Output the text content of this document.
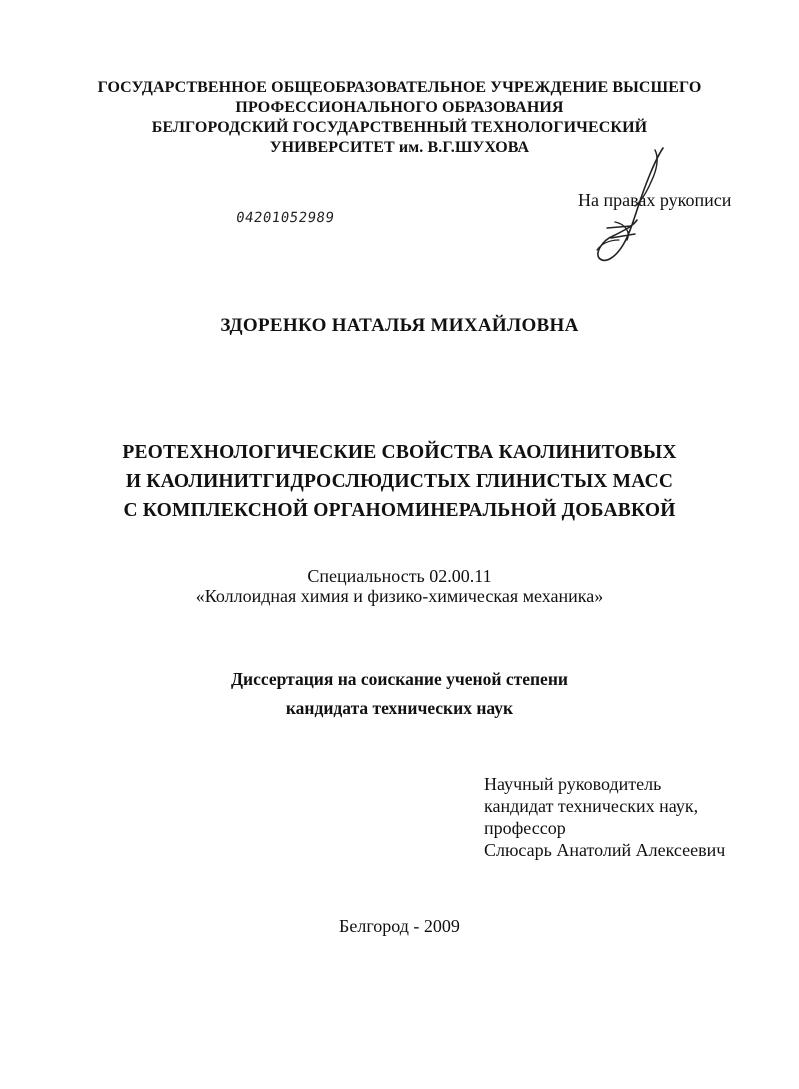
ГОСУДАРСТВЕННОЕ ОБЩЕОБРАЗОВАТЕЛЬНОЕ УЧРЕЖДЕНИЕ ВЫСШЕГО
ПРОФЕССИОНАЛЬНОГО ОБРАЗОВАНИЯ
БЕЛГОРОДСКИЙ ГОСУДАРСТВЕННЫЙ ТЕХНОЛОГИЧЕСКИЙ
УНИВЕРСИТЕТ им. В.Г.ШУХОВА
04201052989
На правах рукописи
ЗДОРЕНКО НАТАЛЬЯ МИХАЙЛОВНА
РЕОТЕХНОЛОГИЧЕСКИЕ СВОЙСТВА КАОЛИНИТОВЫХ
И КАОЛИНИТГИДРОСЛЮДИСТЫХ ГЛИНИСТЫХ МАСС
С КОМПЛЕКСНОЙ ОРГАНОМИНЕРАЛЬНОЙ ДОБАВКОЙ
Специальность 02.00.11
«Коллоидная химия и физико-химическая механика»
Диссертация на соискание ученой степени
кандидата технических наук
Научный руководитель
кандидат технических наук,
профессор
Слюсарь Анатолий Алексеевич
Белгород - 2009
